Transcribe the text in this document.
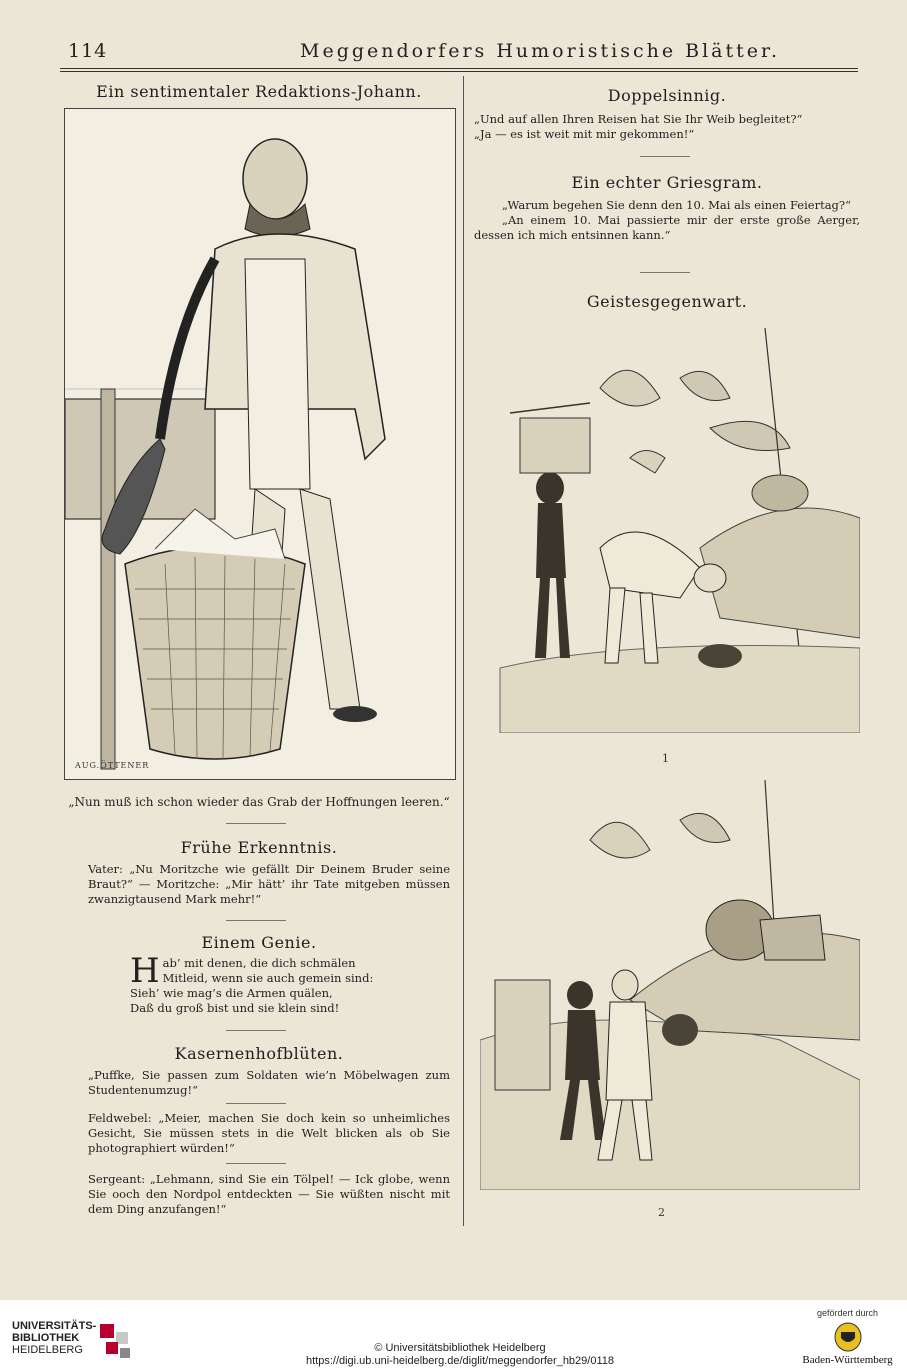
114	Meggendorfers Humoristische Blätter.
Ein sentimentaler Redaktions-Johann.
AUG.ÖTTENER
„Nun muß ich schon wieder das Grab der Hoffnungen leeren.“
Frühe Erkenntnis.

Vater: „Nu Moritzche wie gefällt Dir Deinem Bruder seine Braut?“ — Moritzche: „Mir hätt’ ihr Tate mitgeben müssen zwanzigtausend Mark mehr!“

Einem Genie.
H ab’ mit denen, die dich schmälen
Mitleid, wenn sie auch gemein sind:
Sieh’ wie mag’s die Armen quälen,
Daß du groß bist und sie klein sind!
Kasernenhofblüten.

„Puffke, Sie passen zum Soldaten wie’n Möbelwagen zum Studentenumzug!“

Feldwebel: „Meier, machen Sie doch kein so unheimliches Gesicht, Sie müssen stets in die Welt blicken als ob Sie photographiert würden!“

Sergeant: „Lehmann, sind Sie ein Tölpel! — Ick globe, wenn Sie ooch den Nordpol entdeckten — Sie wüßten nischt mit dem Ding anzufangen!“

Doppelsinnig.

„Und auf allen Ihren Reisen hat Sie Ihr Weib begleitet?“

„Ja — es ist weit mit mir gekommen!“

Ein echter Griesgram.

„Warum begehen Sie denn den 10. Mai als einen Feiertag?“

„An einem 10. Mai passierte mir der erste große Aerger, dessen ich mich entsinnen kann.“

Geistesgegenwart.
1
2
UNIVERSITÄTS-
BIBLIOTHEK
HEIDELBERG	© Universitätsbibliothek Heidelberg
https://digi.ub.uni-heidelberg.de/diglit/meggendorfer_hb29/0118
gefördert durch
Baden-Württemberg
